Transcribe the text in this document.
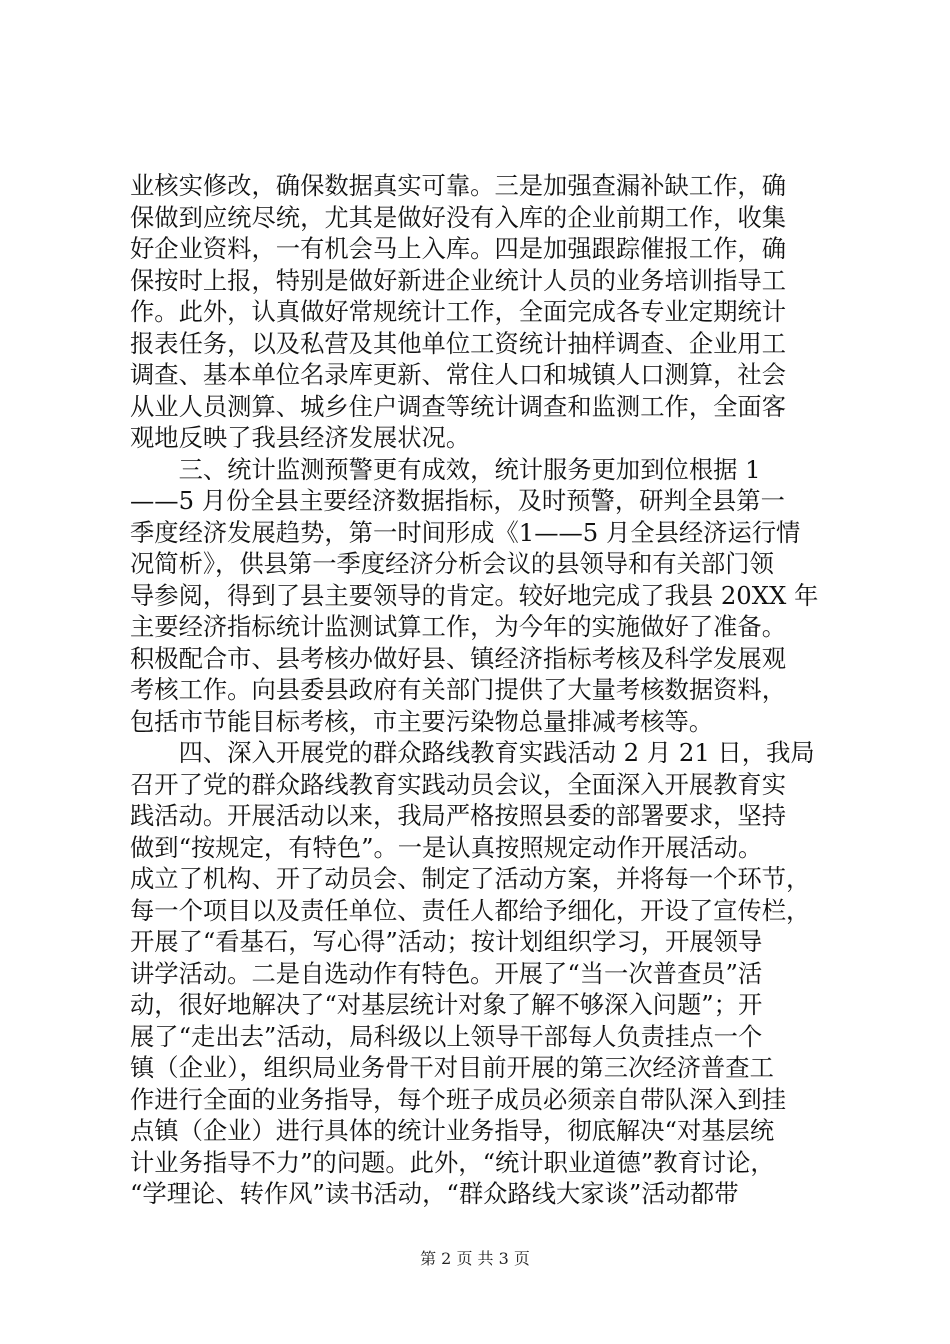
业核实修改，确保数据真实可靠。三是加强查漏补缺工作，确
保做到应统尽统，尤其是做好没有入库的企业前期工作，收集
好企业资料，一有机会马上入库。四是加强跟踪催报工作，确
保按时上报，特别是做好新进企业统计人员的业务培训指导工
作。此外，认真做好常规统计工作，全面完成各专业定期统计
报表任务，以及私营及其他单位工资统计抽样调查、企业用工
调查、基本单位名录库更新、常住人口和城镇人口测算，社会
从业人员测算、城乡住户调查等统计调查和监测工作，全面客
观地反映了我县经济发展状况。
　　三、统计监测预警更有成效，统计服务更加到位根据 1
——5 月份全县主要经济数据指标，及时预警，研判全县第一
季度经济发展趋势，第一时间形成《1——5 月全县经济运行情
况简析》，供县第一季度经济分析会议的县领导和有关部门领
导参阅，得到了县主要领导的肯定。较好地完成了我县 20XX 年
主要经济指标统计监测试算工作，为今年的实施做好了准备。
积极配合市、县考核办做好县、镇经济指标考核及科学发展观
考核工作。向县委县政府有关部门提供了大量考核数据资料，
包括市节能目标考核，市主要污染物总量排减考核等。
　　四、深入开展党的群众路线教育实践活动 2 月 21 日，我局
召开了党的群众路线教育实践动员会议，全面深入开展教育实
践活动。开展活动以来，我局严格按照县委的部署要求，坚持
做到“按规定，有特色”。一是认真按照规定动作开展活动。
成立了机构、开了动员会、制定了活动方案，并将每一个环节，
每一个项目以及责任单位、责任人都给予细化，开设了宣传栏，
开展了“看基石，写心得”活动；按计划组织学习，开展领导
讲学活动。二是自选动作有特色。开展了“当一次普查员”活
动，很好地解决了“对基层统计对象了解不够深入问题”；开
展了“走出去”活动，局科级以上领导干部每人负责挂点一个
镇（企业），组织局业务骨干对目前开展的第三次经济普查工
作进行全面的业务指导，每个班子成员必须亲自带队深入到挂
点镇（企业）进行具体的统计业务指导，彻底解决“对基层统
计业务指导不力”的问题。此外，“统计职业道德”教育讨论，
“学理论、转作风”读书活动，“群众路线大家谈”活动都带
第 2 页 共 3 页
